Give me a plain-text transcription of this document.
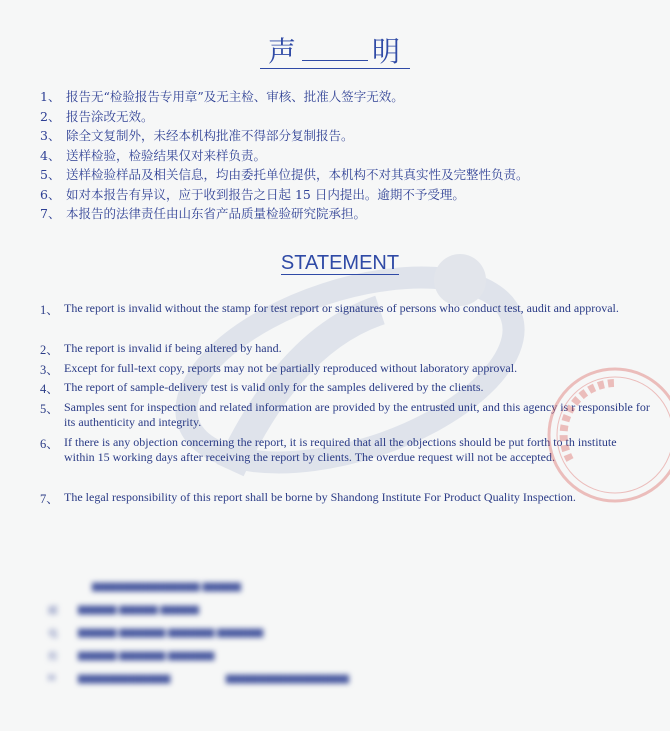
声	明
1、 报告无“检验报告专用章”及无主检、审核、批准人签字无效。
2、 报告涂改无效。
3、 除全文复制外，未经本机构批准不得部分复制报告。
4、 送样检验，检验结果仅对来样负责。
5、 送样检验样品及相关信息，均由委托单位提供，本机构不对其真实性及完整性负责。
6、 如对本报告有异议，应于收到报告之日起 15 日内提出。逾期不予受理。
7、 本报告的法律责任由山东省产品质量检验研究院承担。
STATEMENT
1、 The report is invalid without the stamp for test report or signatures of persons who conduct test, audit and approval.
2、 The report is invalid if being altered by hand.
3、 Except for full-text copy, reports may not be partially reproduced without laboratory approval.
4、 The report of sample-delivery test is valid only for the samples delivered by the clients.
5、 Samples sent for inspection and related information are provided by the entrusted unit, and this agency is r responsible for its authenticity and integrity.
6、 If there is any objection concerning the report, it is required that all the objections should be put forth to th institute within 15 working days after receiving the report by clients. The overdue request will not be accepted.
7、 The legal responsibility of this report shall be borne by Shandong Institute For Product Quality Inspection.
▆▆▆▆▆▆▆▆▆▆▆▆▆▆ ▆▆▆▆▆
邮	▆▆▆▆▆ ▆▆▆▆▆ ▆▆▆▆▆
电	▆▆▆▆▆ ▆▆▆▆▆▆ ▆▆▆▆▆▆ ▆▆▆▆▆▆
传	▆▆▆▆▆ ▆▆▆▆▆▆ ▆▆▆▆▆▆
H	▆▆▆▆▆▆▆▆▆▆▆▆                    ▆▆▆▆▆▆▆▆▆▆▆▆▆▆▆▆
